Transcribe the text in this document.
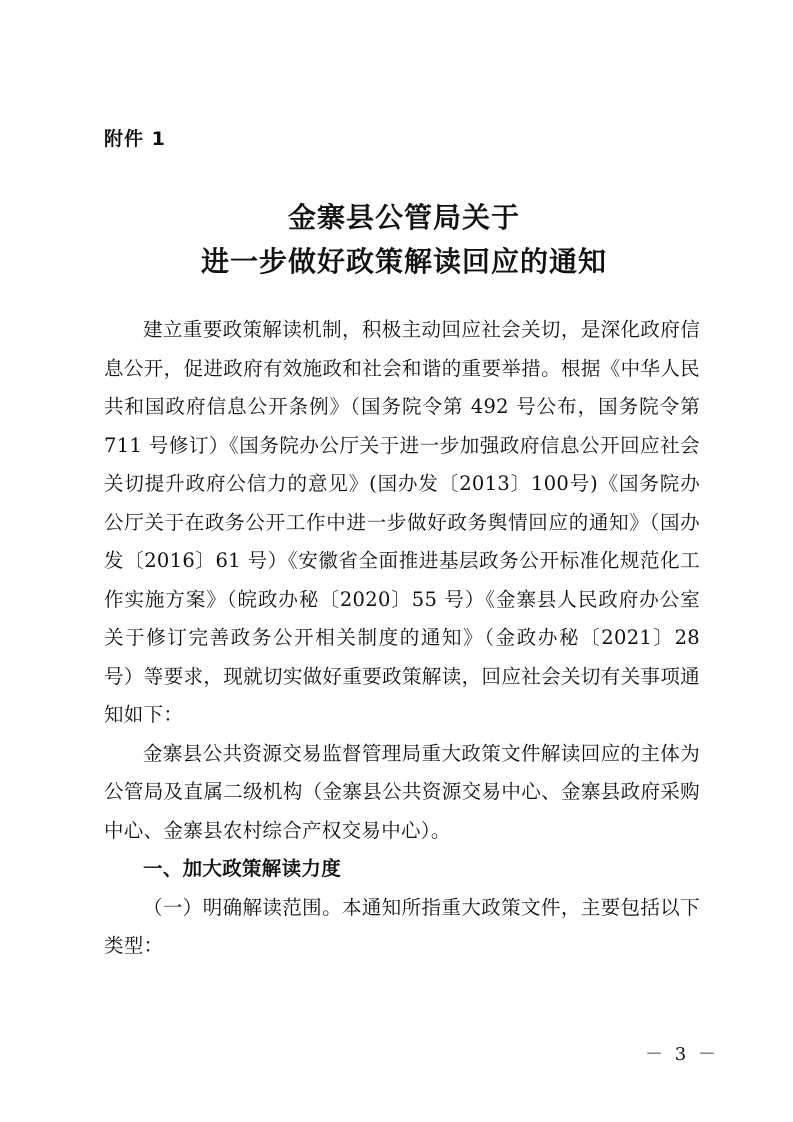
附件 1
金寨县公管局关于
进一步做好政策解读回应的通知

建立重要政策解读机制，积极主动回应社会关切，是深化政府信息公开，促进政府有效施政和社会和谐的重要举措。根据《中华人民共和国政府信息公开条例》（国务院令第 492 号公布，国务院令第 711 号修订）《国务院办公厅关于进一步加强政府信息公开回应社会关切提升政府公信力的意见》(国办发〔2013〕100号)《国务院办公厅关于在政务公开工作中进一步做好政务舆情回应的通知》（国办发〔2016〕61 号）《安徽省全面推进基层政务公开标准化规范化工作实施方案》（皖政办秘〔2020〕55 号）《金寨县人民政府办公室关于修订完善政务公开相关制度的通知》（金政办秘〔2021〕28 号）等要求，现就切实做好重要政策解读，回应社会关切有关事项通知如下：

金寨县公共资源交易监督管理局重大政策文件解读回应的主体为公管局及直属二级机构（金寨县公共资源交易中心、金寨县政府采购中心、金寨县农村综合产权交易中心）。

一、加大政策解读力度

（一）明确解读范围。本通知所指重大政策文件，主要包括以下类型：

－ 3 －
